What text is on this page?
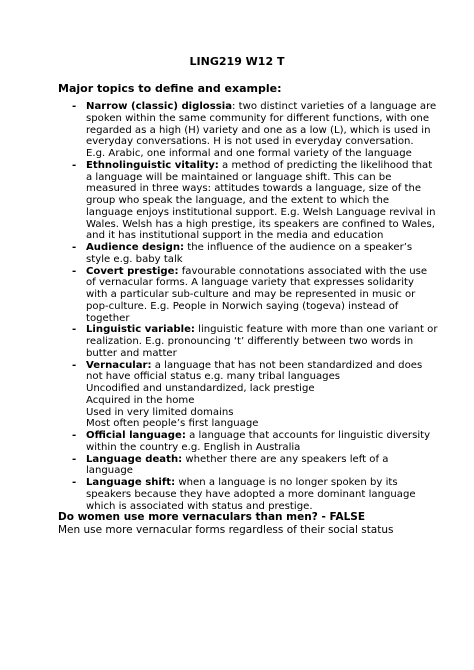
LING219 W12 T
Major topics to define and example:
- Narrow (classic) diglossia: two distinct varieties of a language are spoken within the same community for different functions, with one regarded as a high (H) variety and one as a low (L), which is used in everyday conversations. H is not used in everyday conversation.
E.g. Arabic, one informal and one formal variety of the language
- Ethnolinguistic vitality: a method of predicting the likelihood that a language will be maintained or language shift. This can be measured in three ways: attitudes towards a language, size of the group who speak the language, and the extent to which the language enjoys institutional support. E.g. Welsh Language revival in Wales. Welsh has a high prestige, its speakers are confined to Wales, and it has institutional support in the media and education
- Audience design: the influence of the audience on a speaker’s style e.g. baby talk
- Covert prestige: favourable connotations associated with the use of vernacular forms. A language variety that expresses solidarity with a particular sub-culture and may be represented in music or pop-culture. E.g. People in Norwich saying (togeva) instead of together
- Linguistic variable: linguistic feature with more than one variant or realization. E.g. pronouncing ‘t’ differently between two words in butter and matter
- Vernacular: a language that has not been standardized and does not have official status e.g. many tribal languages
Uncodified and unstandardized, lack prestige
Acquired in the home
Used in very limited domains
Most often people’s first language
- Official language: a language that accounts for linguistic diversity within the country e.g. English in Australia
- Language death: whether there are any speakers left of a language
- Language shift: when a language is no longer spoken by its speakers because they have adopted a more dominant language which is associated with status and prestige.
Do women use more vernaculars than men? - FALSE
Men use more vernacular forms regardless of their social status
